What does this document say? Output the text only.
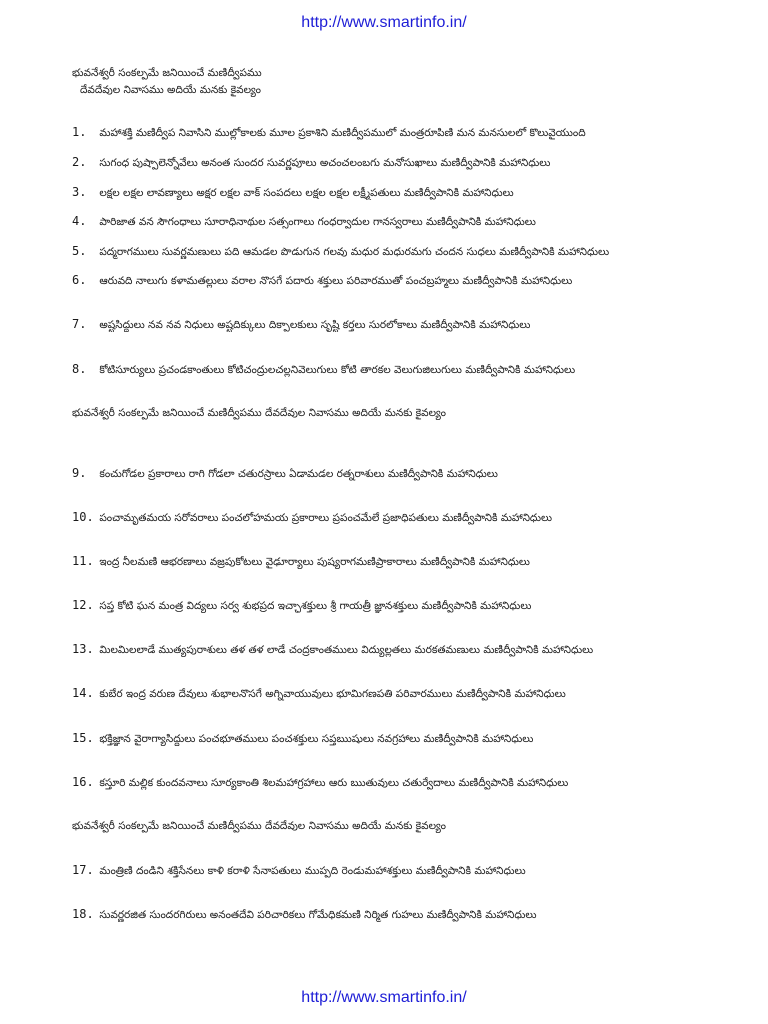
http://www.smartinfo.in/
భువనేశ్వరీ సంకల్పమే జనియించే మణిద్వీపము
దేవదేవుల నివాసము అదియే మనకు కైవల్యం
1. మహాశక్తి మణిద్వీప నివాసిని ముల్లోకాలకు మూల ప్రకాశిని మణిద్వీపములో మంత్రరూపిణి మన మనసులలో కొలువైయుంది
2. సుగంధ పుష్పాలెన్నోవేలు అనంత సుందర సువర్ణపూలు అచంచలంబగు మనోసుఖాలు మణిద్వీపానికి మహానిధులు
3. లక్షల లక్షల లావణ్యాలు అక్షర లక్షల వాక్ సంపదలు లక్షల లక్షల లక్ష్మీపతులు మణిద్వీపానికి మహానిధులు
4. పారిజాత వన సౌగంధాలు సూరాధినాథుల సత్సంగాలు గంధర్వాదుల గానస్వరాలు మణిద్వీపానికి మహానిధులు
5. పద్మరాగములు సువర్ణమణులు పది ఆమడల పొడుగున గలవు మధుర మధురమగు చందన సుధలు మణిద్వీపానికి మహానిధులు
6. ఆరువది నాలుగు కళామతల్లులు వరాల నొసగే పదారు శక్తులు పరివారముతో పంచబ్రహ్మలు మణిద్వీపానికి మహానిధులు
7. అష్టసిద్ధులు నవ నవ నిధులు అష్టదిక్కులు దిక్పాలకులు సృష్టి కర్తలు సురలోకాలు మణిద్వీపానికి మహానిధులు
8. కోటిసూర్యులు ప్రచండకాంతులు కోటిచంద్రులచల్లనివెలుగులు కోటి తారకల వెలుగుజిలుగులు మణిద్వీపానికి మహానిధులు
భువనేశ్వరీ సంకల్పమే జనియించే మణిద్వీపము దేవదేవుల నివాసము అదియే మనకు కైవల్యం
9. కంచుగోడల ప్రకారాలు రాగి గోడలా చతురస్రాలు ఏడామడల రత్నరాశులు మణిద్వీపానికి మహానిధులు
10. పంచామృతమయ సరోవరాలు పంచలోహమయ ప్రకారాలు ప్రపంచమేలే ప్రజాధిపతులు మణిద్వీపానికి మహానిధులు
11. ఇంద్ర నీలమణి ఆభరణాలు వజ్రపుకోటలు వైఢూర్యాలు పుష్యరాగమణిప్రాకారాలు మణిద్వీపానికి మహానిధులు
12. సప్త కోటి ఘన మంత్ర విద్యలు సర్వ శుభప్రద ఇచ్ఛాశక్తులు శ్రీ గాయత్రీ జ్ఞానశక్తులు మణిద్వీపానికి మహానిధులు
13. మిలమిలలాడే ముత్యపురాశులు తళ తళ లాడే చంద్రకాంతములు విద్యుల్లతలు మరకతమణులు మణిద్వీపానికి మహానిధులు
14. కుబేర ఇంద్ర వరుణ దేవులు శుభాలనొసగే అగ్నివాయువులు భూమిగణపతి పరివారములు మణిద్వీపానికి మహానిధులు
15. భక్తిజ్ఞాన వైరాగ్యాసిద్ధులు పంచభూతములు పంచశక్తులు సప్తఋషులు నవగ్రహాలు మణిద్వీపానికి మహానిధులు
16. కస్తూరి మల్లిక కుందవనాలు సూర్యకాంతి శిలమహాగ్రహాలు ఆరు ఋతువులు చతుర్వేదాలు మణిద్వీపానికి మహానిధులు
భువనేశ్వరీ సంకల్పమే జనియించే మణిద్వీపము దేవదేవుల నివాసము అదియే మనకు కైవల్యం
17. మంత్రిణి దండిని శక్తిసేనలు కాళి కరాళి సేనాపతులు ముప్పది రెండుమహాశక్తులు మణిద్వీపానికి మహానిధులు
18. సువర్ణరజిత సుందరగిరులు అనంతదేవి పరిచారికలు గోమేధికమణి నిర్మిత గుహలు మణిద్వీపానికి మహానిధులు
http://www.smartinfo.in/
